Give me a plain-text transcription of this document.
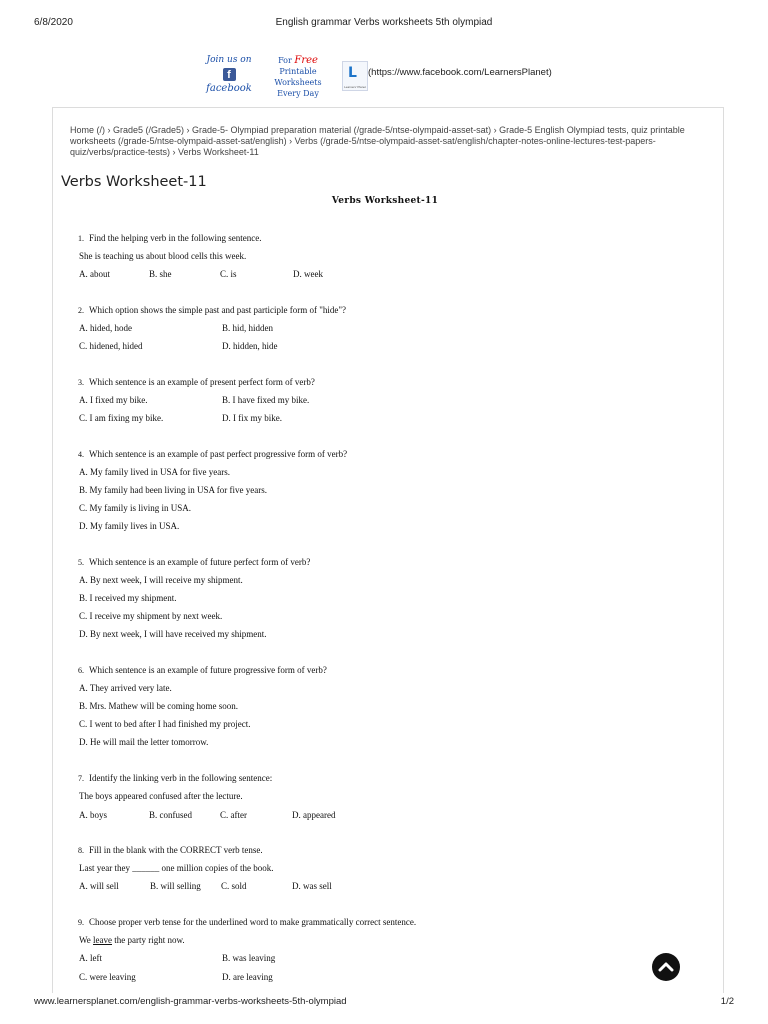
6/8/2020	English grammar Verbs worksheets 5th olympiad
Join us on
f
facebook
For Free
Printable Worksheets
Every Day
L
Learners' Planet
(https://www.facebook.com/LearnersPlanet)
Home (/) › Grade5 (/Grade5) › Grade-5- Olympiad preparation material (/grade-5/ntse-olympaid-asset-sat) › Grade-5 English Olympiad tests, quiz printable worksheets (/grade-5/ntse-olympaid-asset-sat/english) › Verbs (/grade-5/ntse-olympaid-asset-sat/english/chapter-notes-online-lectures-test-papers-quiz/verbs/practice-tests) › Verbs Worksheet-11
Verbs Worksheet-11
Verbs Worksheet-11
1. Find the helping verb in the following sentence.
She is teaching us about blood cells this week.
A. about	B. she	C. is	D. week
2. Which option shows the simple past and past participle form of "hide"?
A. hided, hode	B. hid, hidden
C. hidened, hided	D. hidden, hide
3. Which sentence is an example of present perfect form of verb?
A. I fixed my bike.	B. I have fixed my bike.
C. I am fixing my bike.	D. I fix my bike.
4. Which sentence is an example of past perfect progressive form of verb?
A. My family lived in USA for five years.
B. My family had been living in USA for five years.
C. My family is living in USA.
D. My family lives in USA.
5. Which sentence is an example of future perfect form of verb?
A. By next week, I will receive my shipment.
B. I received my shipment.
C. I receive my shipment by next week.
D. By next week, I will have received my shipment.
6. Which sentence is an example of future progressive form of verb?
A. They arrived very late.
B. Mrs. Mathew will be coming home soon.
C. I went to bed after I had finished my project.
D. He will mail the letter tomorrow.
7. Identify the linking verb in the following sentence:
The boys appeared confused after the lecture.
A. boys	B. confused	C. after	D. appeared
8. Fill in the blank with the CORRECT verb tense.
Last year they ______ one million copies of the book.
A. will sell	B. will selling C. sold	D. was sell
9. Choose proper verb tense for the underlined word to make grammatically correct sentence.
We leave the party right now.
A. left	B. was leaving
C. were leaving	D. are leaving
www.learnersplanet.com/english-grammar-verbs-worksheets-5th-olympiad	1/2
